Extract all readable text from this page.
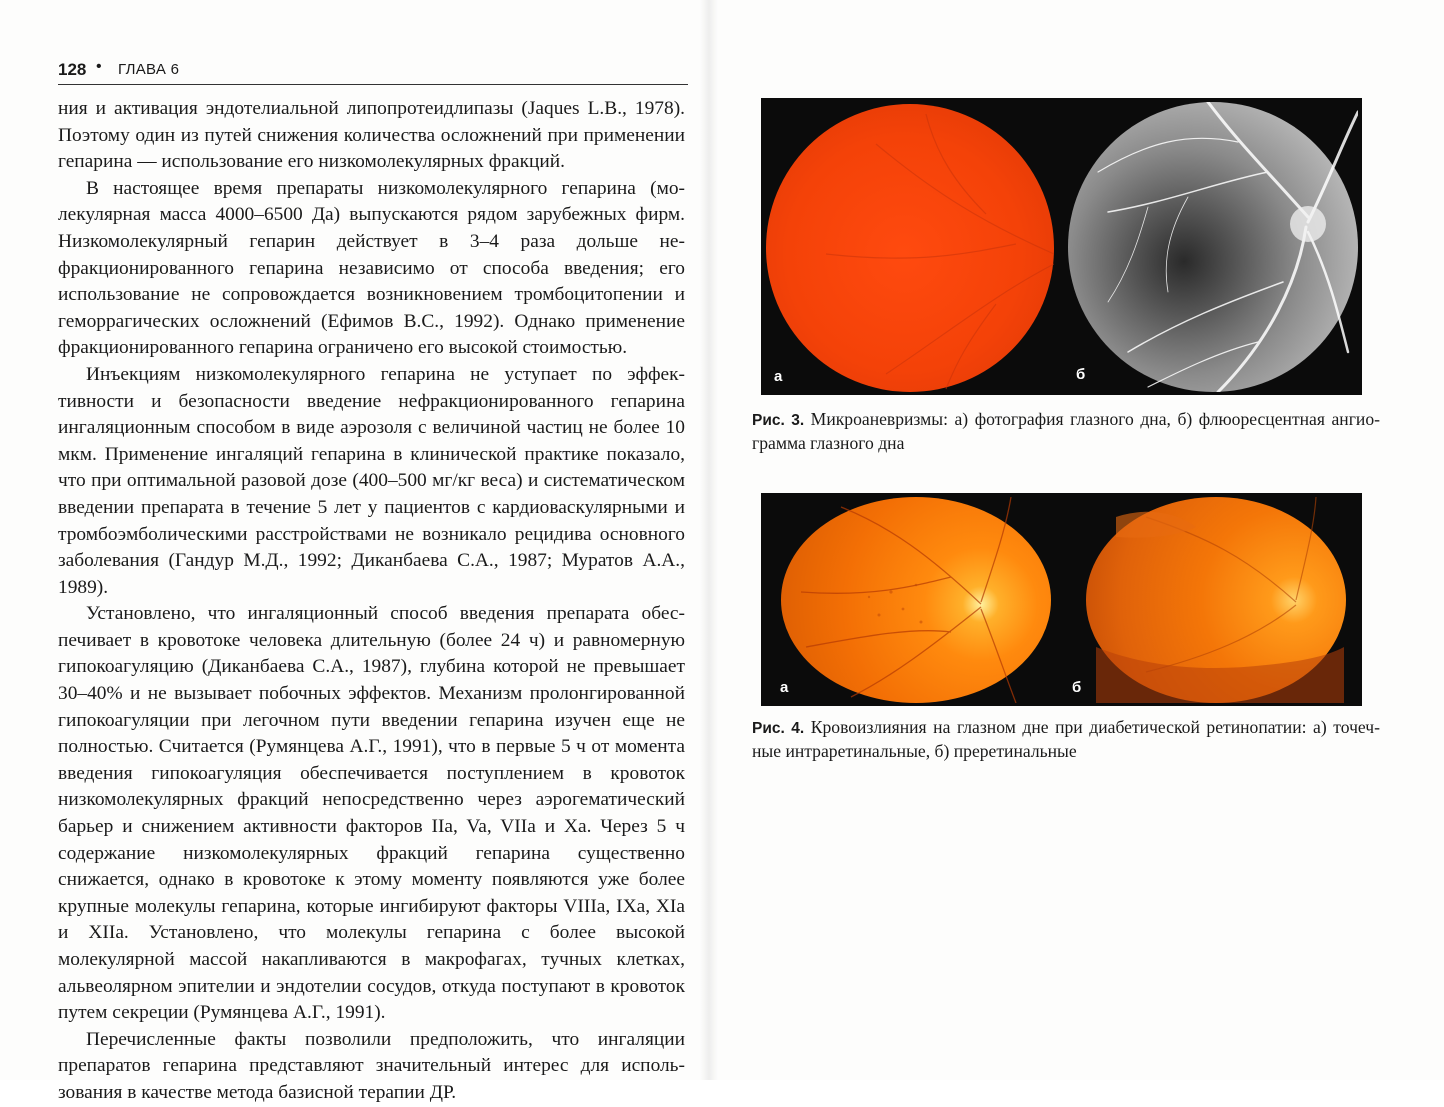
128 • ГЛАВА 6

ния и активация эндотелиальной липопротеидлипазы (Jaques L.B., 1978). Поэтому один из путей снижения количества осложнений при применении гепарина — использование его низкомолекулярных фракций.

В настоящее время препараты низкомолекулярного гепарина (молекулярная масса 4000–6500 Да) выпускаются рядом зарубежных фирм. Низкомолекулярный гепарин действует в 3–4 раза дольше нефракционированного гепарина независимо от способа введения; его использование не сопровождается возникновением тромбоцитопении и геморрагических осложнений (Ефимов В.С., 1992). Однако применение фракционированного гепарина ограничено его высокой стоимостью.

Инъекциям низкомолекулярного гепарина не уступает по эффективности и безопасности введение нефракционированного гепарина ингаляционным способом в виде аэрозоля с величиной частиц не более 10 мкм. Применение ингаляций гепарина в клинической практике показало, что при оптимальной разовой дозе (400–500 мг/кг веса) и систематическом введении препарата в течение 5 лет у пациентов с кардиоваскулярными и тромбоэмболическими расстройствами не возникало рецидива основного заболевания (Гандур М.Д., 1992; Диканбаева С.А., 1987; Муратов А.А., 1989).

Установлено, что ингаляционный способ введения препарата обеспечивает в кровотоке человека длительную (более 24 ч) и равномерную гипокоагуляцию (Диканбаева С.А., 1987), глубина которой не превышает 30–40% и не вызывает побочных эффектов. Механизм пролонгированной гипокоагуляции при легочном пути введении гепарина изучен еще не полностью. Считается (Румянцева А.Г., 1991), что в первые 5 ч от момента введения гипокоагуляция обеспечивается поступлением в кровоток низкомолекулярных фракций непосредственно через аэрогематический барьер и снижением активности факторов IIa, Va, VIIa и Xa. Через 5 ч содержание низкомолекулярных фракций гепарина существенно снижается, однако в кровотоке к этому моменту появляются уже более крупные молекулы гепарина, которые ингибируют факторы VIIIa, IXa, XIa и XIIa. Установлено, что молекулы гепарина с более высокой молекулярной массой накапливаются в макрофагах, тучных клетках, альвеолярном эпителии и эндотелии сосудов, откуда поступают в кровоток путем секреции (Румянцева А.Г., 1991).

Перечисленные факты позволили предположить, что ингаляции препаратов гепарина представляют значительный интерес для использования в качестве метода базисной терапии ДР.

а	б
Рис. 3. Микроаневризмы: а) фотография глазного дна, б) флюоресцентная ангиограмма глазного дна
а	б
Рис. 4. Кровоизлияния на глазном дне при диабетической ретинопатии: а) точечные интраретинальные, б) преретинальные
